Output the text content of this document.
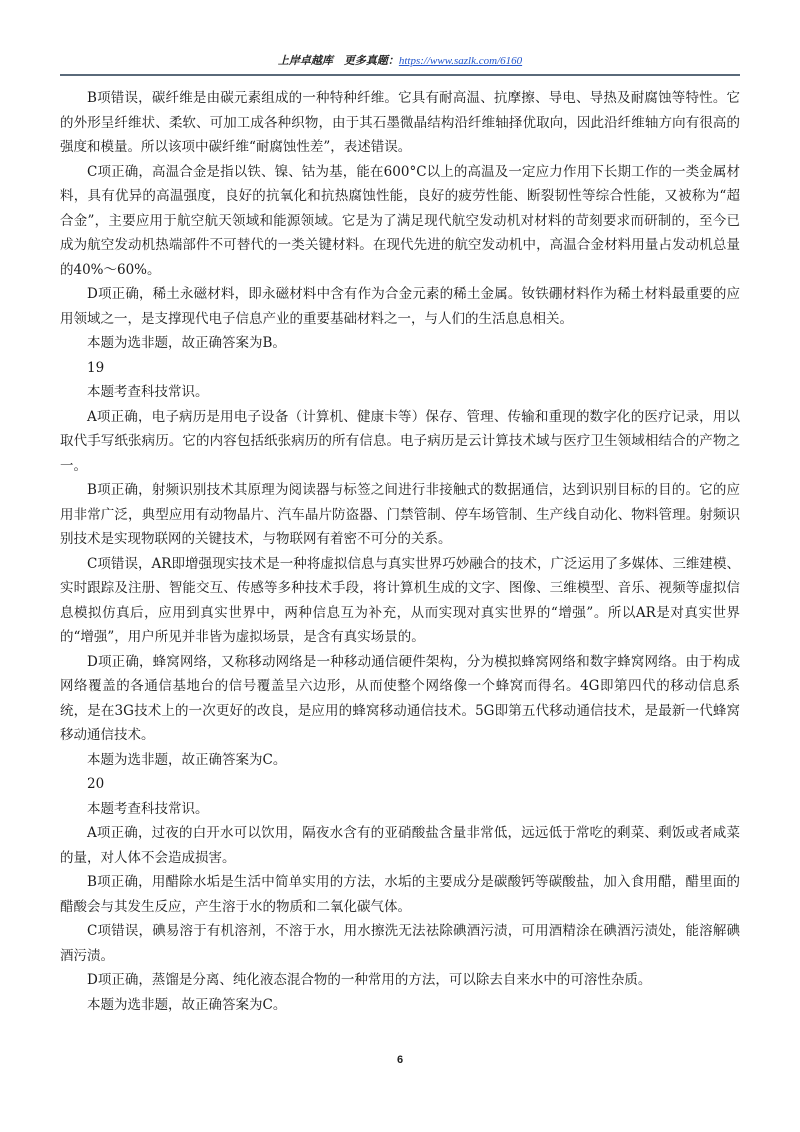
上岸卓越库　更多真题：https://www.sazlk.com/6160

B项错误，碳纤维是由碳元素组成的一种特种纤维。它具有耐高温、抗摩擦、导电、导热及耐腐蚀等特性。它的外形呈纤维状、柔软、可加工成各种织物，由于其石墨微晶结构沿纤维轴择优取向，因此沿纤维轴方向有很高的强度和模量。所以该项中碳纤维“耐腐蚀性差”，表述错误。

C项正确，高温合金是指以铁、镍、钴为基，能在600°C以上的高温及一定应力作用下长期工作的一类金属材料，具有优异的高温强度，良好的抗氧化和抗热腐蚀性能，良好的疲劳性能、断裂韧性等综合性能，又被称为“超合金”，主要应用于航空航天领域和能源领域。它是为了满足现代航空发动机对材料的苛刻要求而研制的，至今已成为航空发动机热端部件不可替代的一类关键材料。在现代先进的航空发动机中，高温合金材料用量占发动机总量的40%～60%。

D项正确，稀土永磁材料，即永磁材料中含有作为合金元素的稀土金属。钕铁硼材料作为稀土材料最重要的应用领域之一，是支撑现代电子信息产业的重要基础材料之一，与人们的生活息息相关。

本题为选非题，故正确答案为B。

19

本题考查科技常识。

A项正确，电子病历是用电子设备（计算机、健康卡等）保存、管理、传输和重现的数字化的医疗记录，用以取代手写纸张病历。它的内容包括纸张病历的所有信息。电子病历是云计算技术域与医疗卫生领域相结合的产物之一。

B项正确，射频识别技术其原理为阅读器与标签之间进行非接触式的数据通信，达到识别目标的目的。它的应用非常广泛，典型应用有动物晶片、汽车晶片防盗器、门禁管制、停车场管制、生产线自动化、物料管理。射频识别技术是实现物联网的关键技术，与物联网有着密不可分的关系。

C项错误，AR即增强现实技术是一种将虚拟信息与真实世界巧妙融合的技术，广泛运用了多媒体、三维建模、实时跟踪及注册、智能交互、传感等多种技术手段，将计算机生成的文字、图像、三维模型、音乐、视频等虚拟信息模拟仿真后，应用到真实世界中，两种信息互为补充，从而实现对真实世界的“增强”。所以AR是对真实世界的“增强”，用户所见并非皆为虚拟场景，是含有真实场景的。

D项正确，蜂窝网络，又称移动网络是一种移动通信硬件架构，分为模拟蜂窝网络和数字蜂窝网络。由于构成网络覆盖的各通信基地台的信号覆盖呈六边形，从而使整个网络像一个蜂窝而得名。4G即第四代的移动信息系统，是在3G技术上的一次更好的改良，是应用的蜂窝移动通信技术。5G即第五代移动通信技术，是最新一代蜂窝移动通信技术。

本题为选非题，故正确答案为C。

20

本题考查科技常识。

A项正确，过夜的白开水可以饮用，隔夜水含有的亚硝酸盐含量非常低，远远低于常吃的剩菜、剩饭或者咸菜的量，对人体不会造成损害。

B项正确，用醋除水垢是生活中简单实用的方法，水垢的主要成分是碳酸钙等碳酸盐，加入食用醋，醋里面的醋酸会与其发生反应，产生溶于水的物质和二氧化碳气体。

C项错误，碘易溶于有机溶剂，不溶于水，用水擦洗无法祛除碘酒污渍，可用酒精涂在碘酒污渍处，能溶解碘酒污渍。

D项正确，蒸馏是分离、纯化液态混合物的一种常用的方法，可以除去自来水中的可溶性杂质。

本题为选非题，故正确答案为C。

6
